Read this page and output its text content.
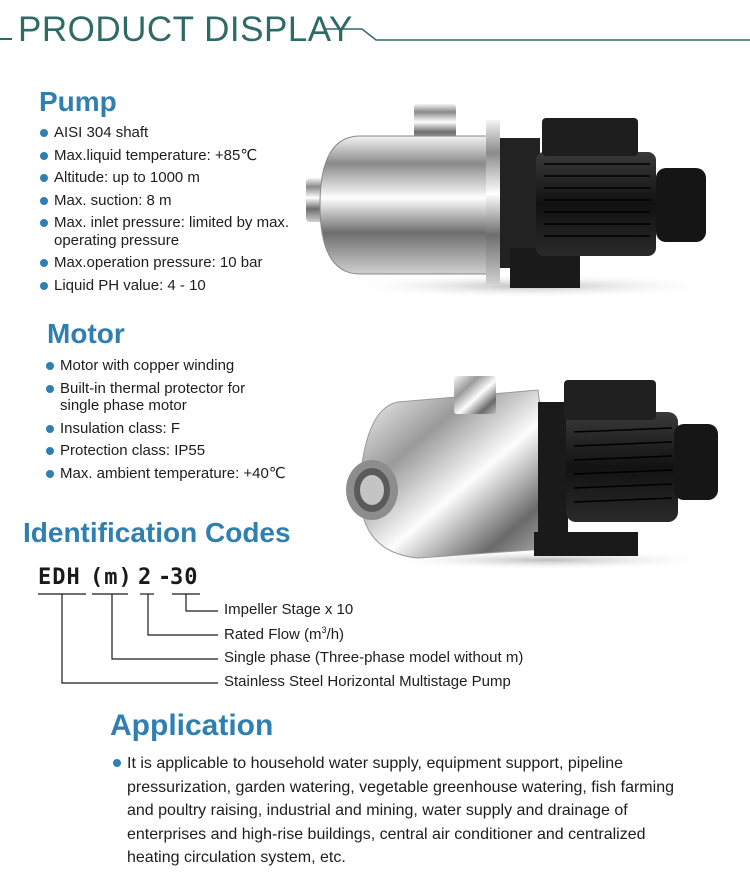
PRODUCT DISPLAY
Pump
AISI 304 shaft
Max.liquid temperature: +85℃
Altitude: up to 1000 m
Max. suction: 8 m
Max. inlet pressure: limited by max. operating pressure
Max.operation pressure: 10 bar
Liquid PH value: 4 - 10
Motor
Motor with copper winding
Built-in thermal protector for single phase motor
Insulation class: F
Protection class: IP55
Max. ambient temperature: +40℃
Identification Codes
EDH (m) 2 -
30
Impeller Stage x 10
Rated Flow $(m^3/h)$
Single phase (Three-phase model without m)
Stainless Steel Horizontal Multistage Pump
Application
It is applicable to household water supply, equipment support, pipeline pressurization, garden watering, vegetable greenhouse watering, fish farming and poultry raising, industrial and mining, water supply and drainage of enterprises and high-rise buildings, central air conditioner and centralized heating circulation system, etc.
